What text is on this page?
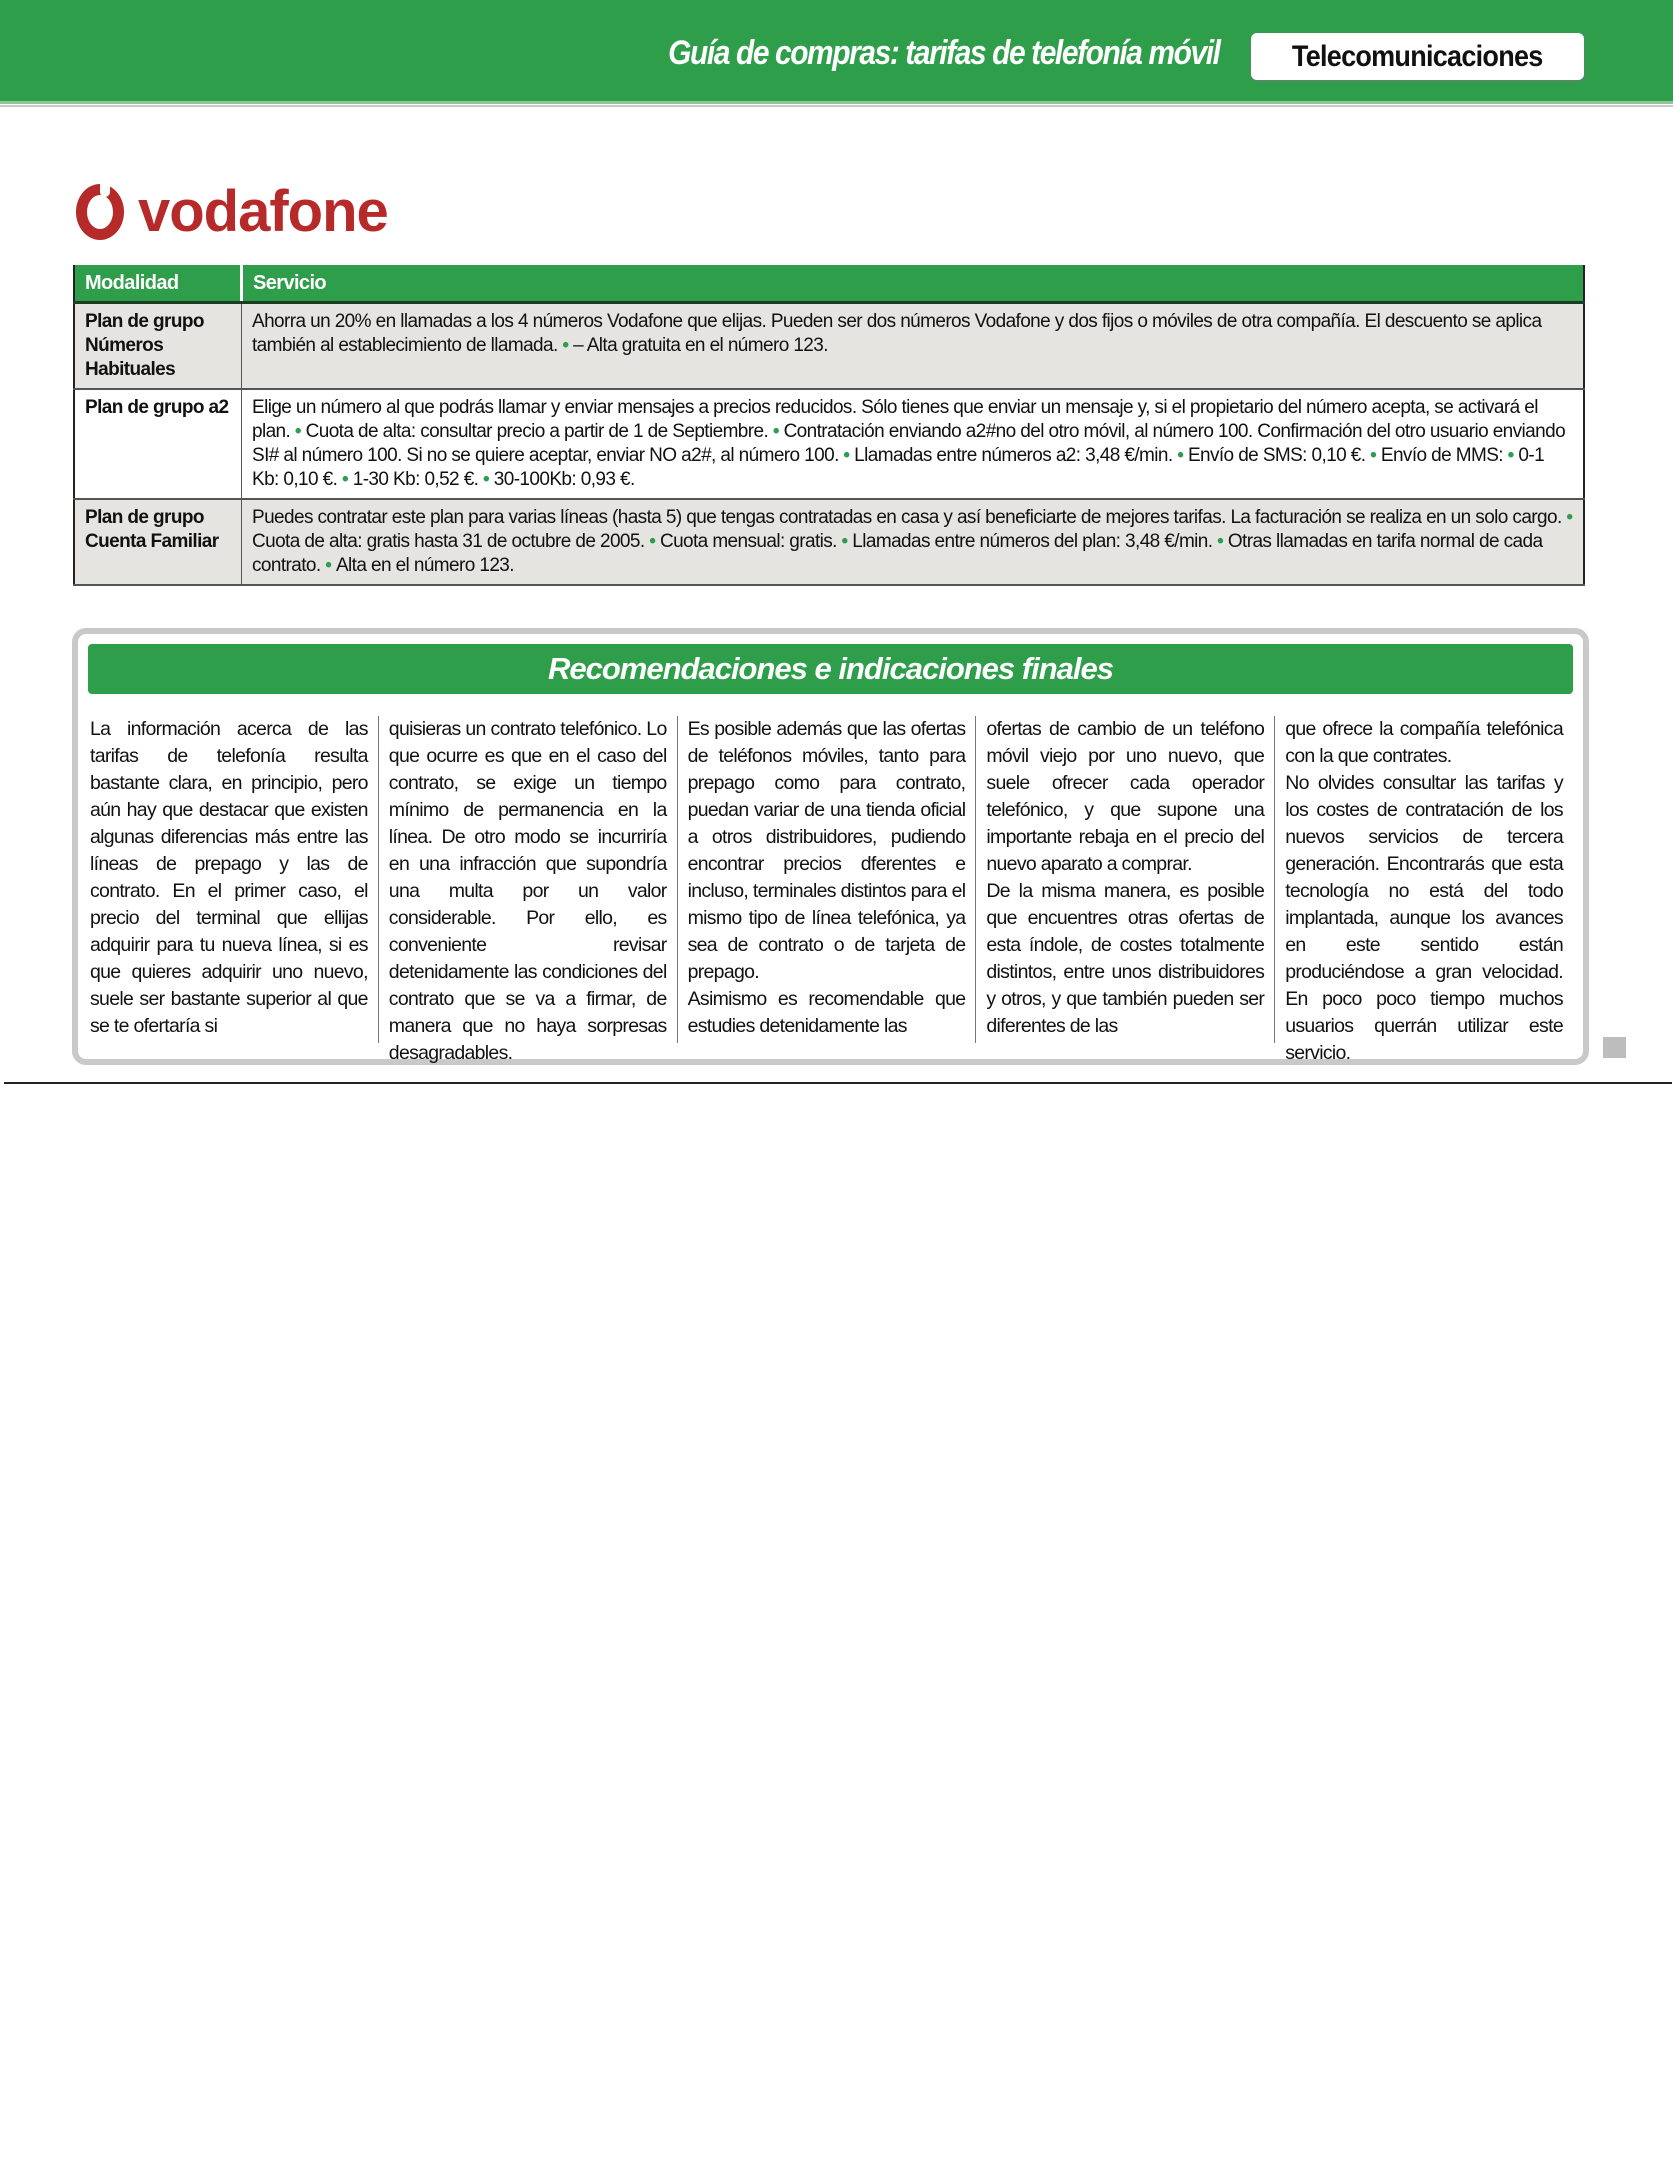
Guía de compras: tarifas de telefonía móvil Telecomunicaciones
vodafone
Modalidad	Servicio
Plan de grupo Números Habituales	Ahorra un 20% en llamadas a los 4 números Vodafone que elijas. Pueden ser dos números Vodafone y dos fijos o móviles de otra compañía. El descuento se aplica también al establecimiento de llamada. • – Alta gratuita en el número 123.
Plan de grupo a2	Elige un número al que podrás llamar y enviar mensajes a precios reducidos. Sólo tienes que enviar un mensaje y, si el propietario del número acepta, se activará el plan. • Cuota de alta: consultar precio a partir de 1 de Septiembre. • Contratación enviando a2#no del otro móvil, al número 100. Confirmación del otro usuario enviando SI# al número 100. Si no se quiere aceptar, enviar NO a2#, al número 100. • Llamadas entre números a2: 3,48 €/min. • Envío de SMS: 0,10 €. • Envío de MMS: • 0-1 Kb: 0,10 €. • 1-30 Kb: 0,52 €. • 30-100Kb: 0,93 €.
Plan de grupo Cuenta Familiar	Puedes contratar este plan para varias líneas (hasta 5) que tengas contratadas en casa y así beneficiarte de mejores tarifas. La facturación se realiza en un solo cargo. • Cuota de alta: gratis hasta 31 de octubre de 2005. • Cuota mensual: gratis. • Llamadas entre números del plan: 3,48 €/min. • Otras llamadas en tarifa normal de cada contrato. • Alta en el número 123.
Recomendaciones e indicaciones finales

La información acerca de las tarifas de telefonía resulta bastante clara, en principio, pero aún hay que destacar que existen algunas diferencias más entre las líneas de prepago y las de contrato. En el primer caso, el precio del terminal que ellijas adquirir para tu nueva línea, si es que quieres adquirir uno nuevo, suele ser bastante superior al que se te ofertaría si

quisieras un contrato telefónico. Lo que ocurre es que en el caso del contrato, se exige un tiempo mínimo de permanencia en la línea. De otro modo se incurriría en una infracción que supondría una multa por un valor considerable. Por ello, es conveniente revisar detenidamente las condiciones del contrato que se va a firmar, de manera que no haya sorpresas desagradables.

Es posible además que las ofertas de teléfonos móviles, tanto para prepago como para contrato, puedan variar de una tienda oficial a otros distribuidores, pudiendo encontrar precios dferentes e incluso, terminales distintos para el mismo tipo de línea telefónica, ya sea de contrato o de tarjeta de prepago.

Asimismo es recomendable que estudies detenidamente las

ofertas de cambio de un teléfono móvil viejo por uno nuevo, que suele ofrecer cada operador telefónico, y que supone una importante rebaja en el precio del nuevo aparato a comprar.

De la misma manera, es posible que encuentres otras ofertas de esta índole, de costes totalmente distintos, entre unos distribuidores y otros, y que también pueden ser diferentes de las

que ofrece la compañía telefónica con la que contrates.

No olvides consultar las tarifas y los costes de contratación de los nuevos servicios de tercera generación. Encontrarás que esta tecnología no está del todo implantada, aunque los avances en este sentido están produciéndose a gran velocidad. En poco poco tiempo muchos usuarios querrán utilizar este servicio.
